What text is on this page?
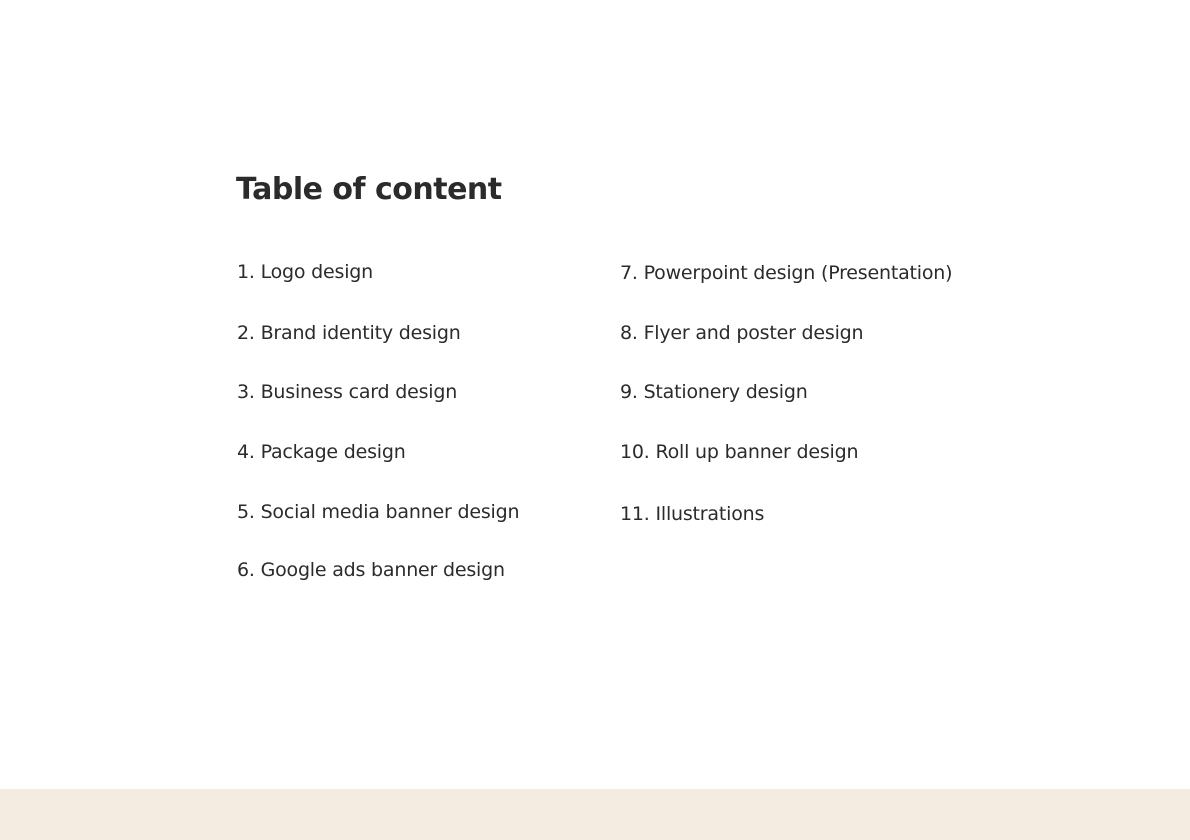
Table of content
1. Logo design
2. Brand identity design
3. Business card design
4. Package design
5. Social media banner design
6. Google ads banner design
7. Powerpoint design (Presentation)
8. Flyer and poster design
9. Stationery design
10. Roll up banner design
11. Illustrations
